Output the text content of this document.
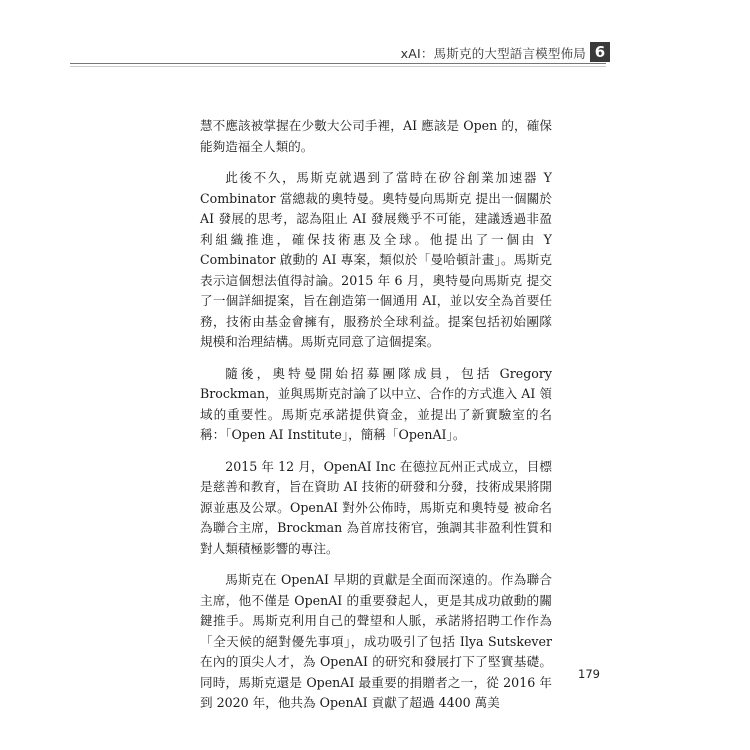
xAI：馬斯克的大型語言模型佈局 6

慧不應該被掌握在少數大公司手裡，AI 應該是 Open 的，確保能夠造福全人類的。

此後不久，馬斯克就遇到了當時在矽谷創業加速器 Y Combinator 當總裁的奧特曼。奧特曼向馬斯克 提出一個關於 AI 發展的思考，認為阻止 AI 發展幾乎不可能，建議透過非盈利組織推進，確保技術惠及全球。他提出了一個由 Y Combinator 啟動的 AI 專案，類似於「曼哈頓計畫」。馬斯克 表示這個想法值得討論。2015 年 6 月，奧特曼向馬斯克 提交了一個詳細提案，旨在創造第一個通用 AI，並以安全為首要任務，技術由基金會擁有，服務於全球利益。提案包括初始團隊規模和治理結構。馬斯克同意了這個提案。

隨後，奧特曼開始招募團隊成員，包括 Gregory Brockman，並與馬斯克討論了以中立、合作的方式進入 AI 領域的重要性。馬斯克承諾提供資金，並提出了新實驗室的名稱：「Open AI Institute」，簡稱「OpenAI」。

2015 年 12 月，OpenAI Inc 在德拉瓦州正式成立，目標是慈善和教育，旨在資助 AI 技術的研發和分發，技術成果將開源並惠及公眾。OpenAI 對外公佈時，馬斯克和奧特曼 被命名為聯合主席，Brockman 為首席技術官，強調其非盈利性質和對人類積極影響的專注。

馬斯克在 OpenAI 早期的貢獻是全面而深遠的。作為聯合主席，他不僅是 OpenAI 的重要發起人，更是其成功啟動的關鍵推手。馬斯克利用自己的聲望和人脈，承諾將招聘工作作為「全天候的絕對優先事項」，成功吸引了包括 Ilya Sutskever 在內的頂尖人才，為 OpenAI 的研究和發展打下了堅實基礎。同時，馬斯克還是 OpenAI 最重要的捐贈者之一，從 2016 年到 2020 年，他共為 OpenAI 貢獻了超過 4400 萬美

179
